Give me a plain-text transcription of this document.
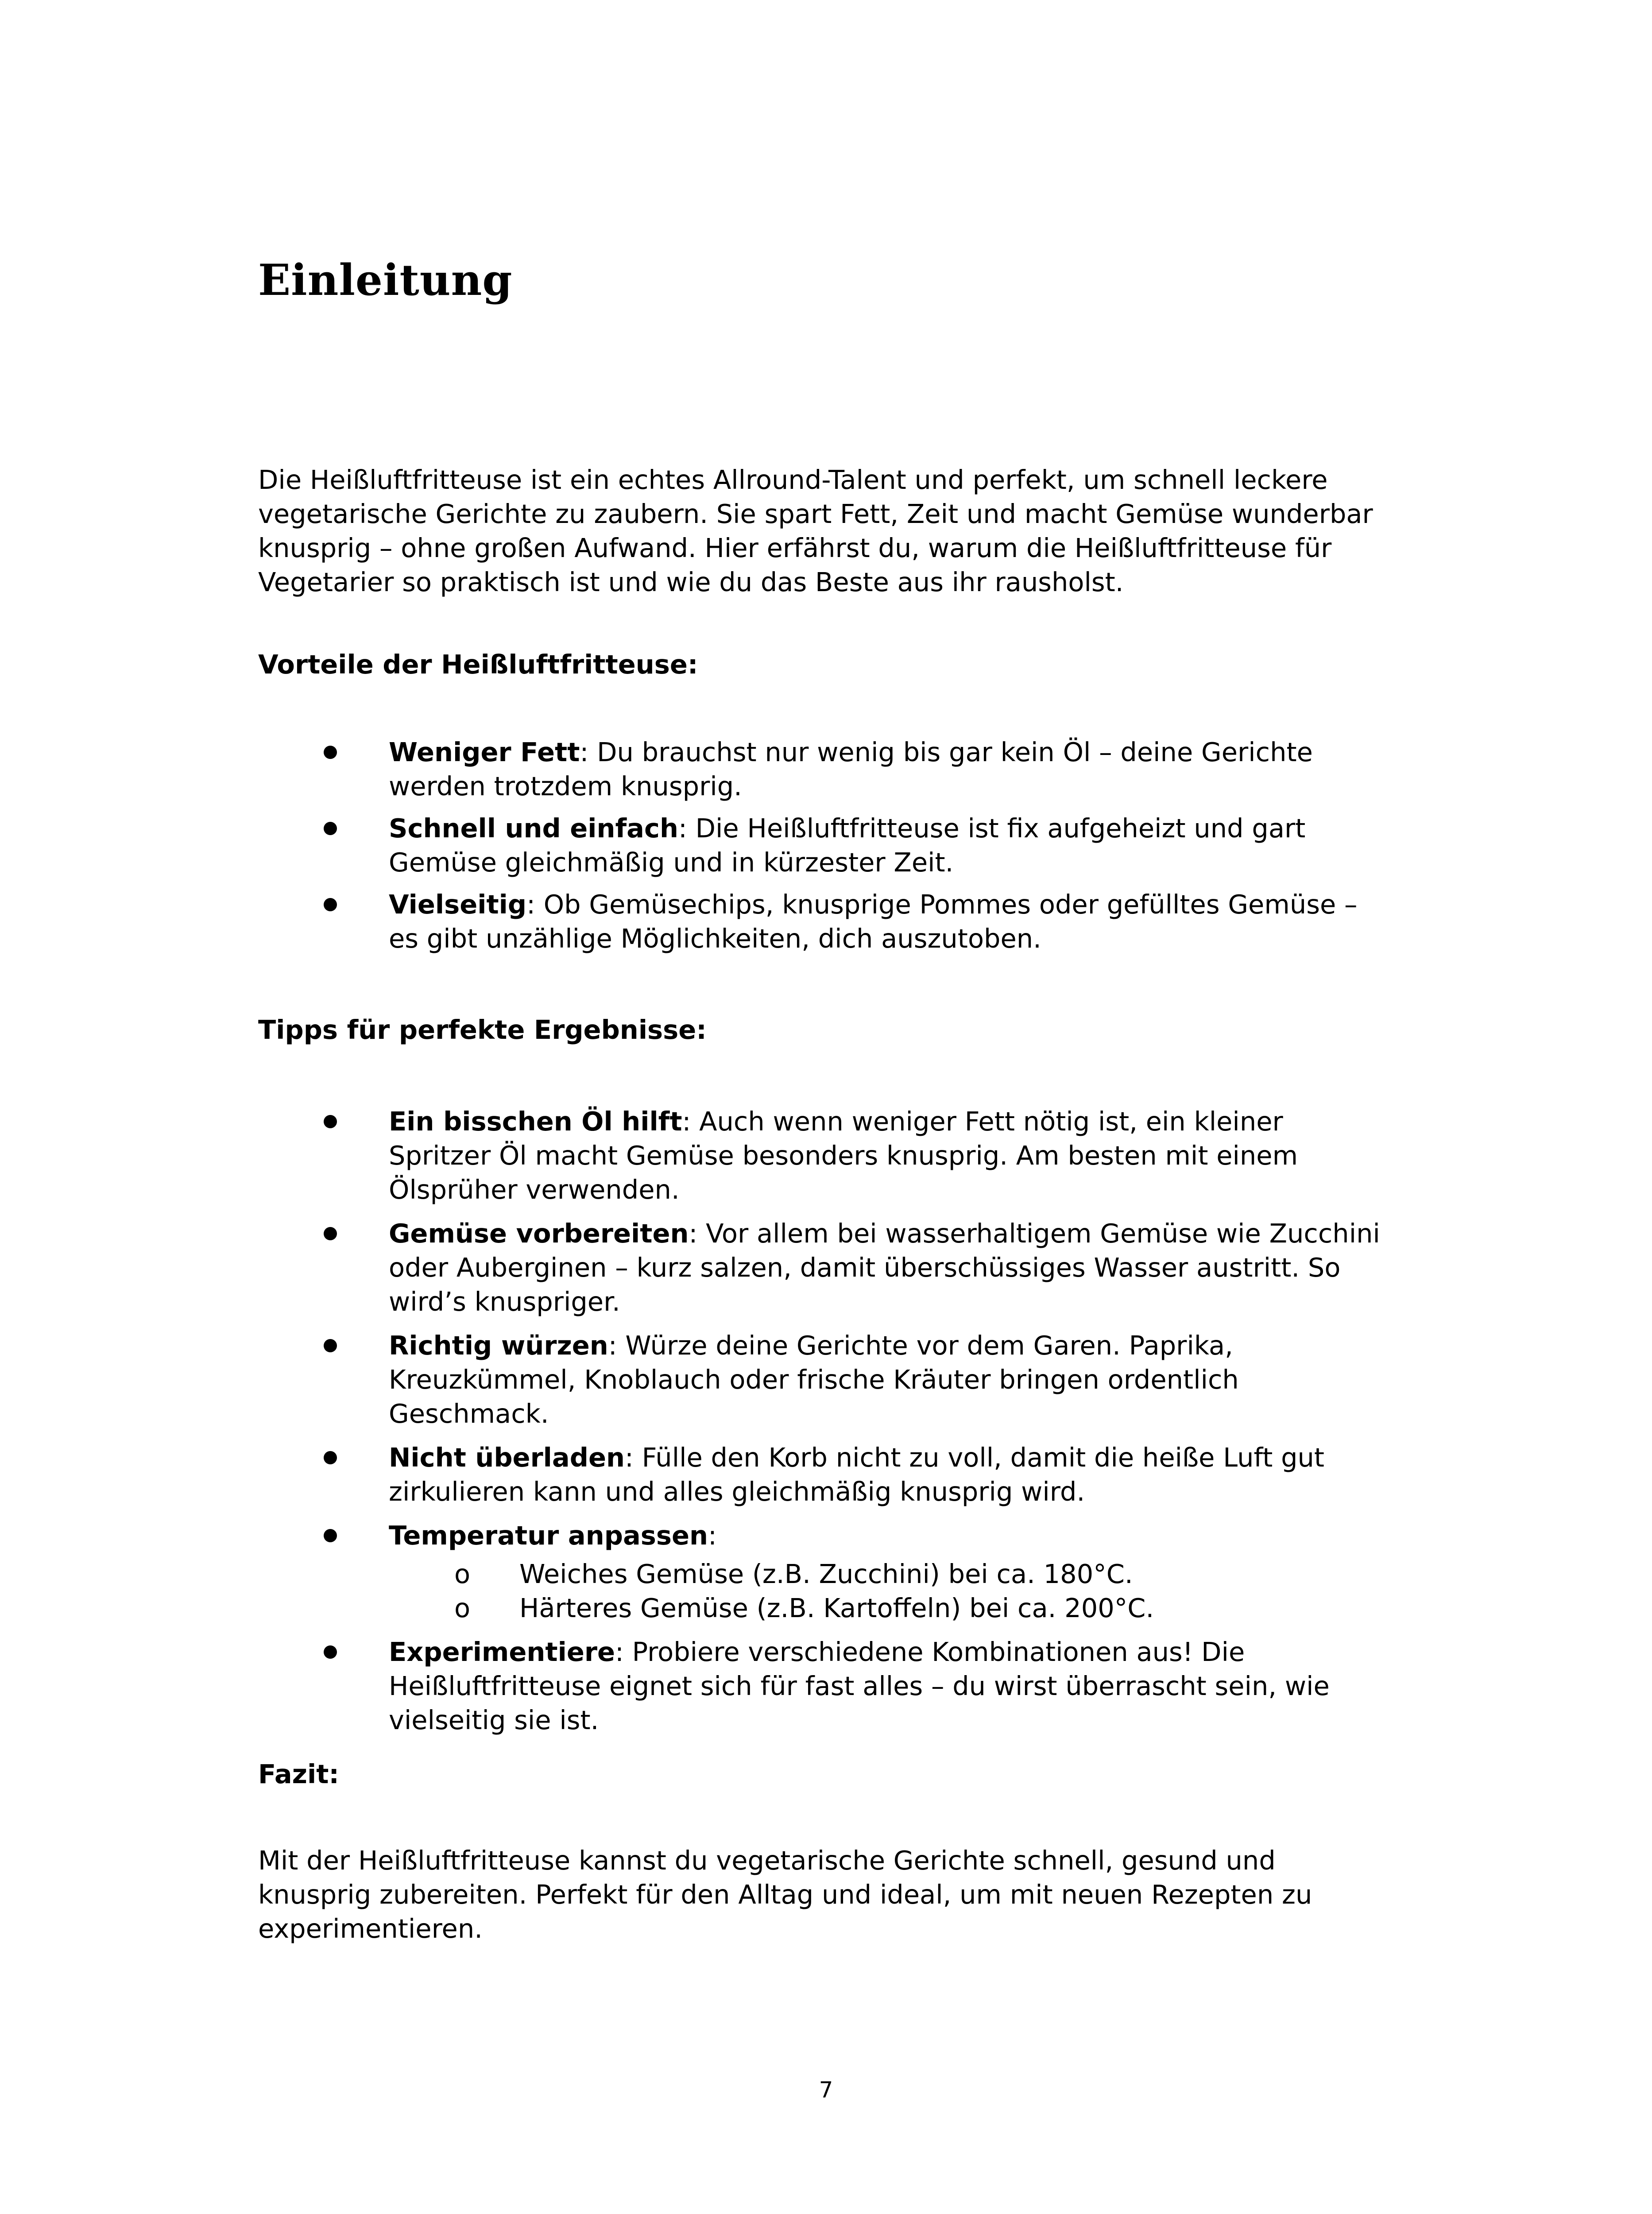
Einleitung

Die Heißluftfritteuse ist ein echtes Allround-Talent und perfekt, um schnell leckere vegetarische Gerichte zu zaubern. Sie spart Fett, Zeit und macht Gemüse wunderbar knusprig – ohne großen Aufwand. Hier erfährst du, warum die Heißluftfritteuse für Vegetarier so praktisch ist und wie du das Beste aus ihr rausholst.

Vorteile der Heißluftfritteuse:

Weniger Fett: Du brauchst nur wenig bis gar kein Öl – deine Gerichte werden trotzdem knusprig.
Schnell und einfach: Die Heißluftfritteuse ist fix aufgeheizt und gart Gemüse gleichmäßig und in kürzester Zeit.
Vielseitig: Ob Gemüsechips, knusprige Pommes oder gefülltes Gemüse – es gibt unzählige Möglichkeiten, dich auszutoben.

Tipps für perfekte Ergebnisse:

Ein bisschen Öl hilft: Auch wenn weniger Fett nötig ist, ein kleiner Spritzer Öl macht Gemüse besonders knusprig. Am besten mit einem Ölsprüher verwenden.
Gemüse vorbereiten: Vor allem bei wasserhaltigem Gemüse wie Zucchini oder Auberginen – kurz salzen, damit überschüssiges Wasser austritt. So wird’s knuspriger.
Richtig würzen: Würze deine Gerichte vor dem Garen. Paprika, Kreuzkümmel, Knoblauch oder frische Kräuter bringen ordentlich Geschmack.
Nicht überladen: Fülle den Korb nicht zu voll, damit die heiße Luft gut zirkulieren kann und alles gleichmäßig knusprig wird.
Temperatur anpassen:
o Weiches Gemüse (z.B. Zucchini) bei ca. 180°C.
o Härteres Gemüse (z.B. Kartoffeln) bei ca. 200°C.
Experimentiere: Probiere verschiedene Kombinationen aus! Die Heißluftfritteuse eignet sich für fast alles – du wirst überrascht sein, wie vielseitig sie ist.

Fazit:

Mit der Heißluftfritteuse kannst du vegetarische Gerichte schnell, gesund und knusprig zubereiten. Perfekt für den Alltag und ideal, um mit neuen Rezepten zu experimentieren.

7
